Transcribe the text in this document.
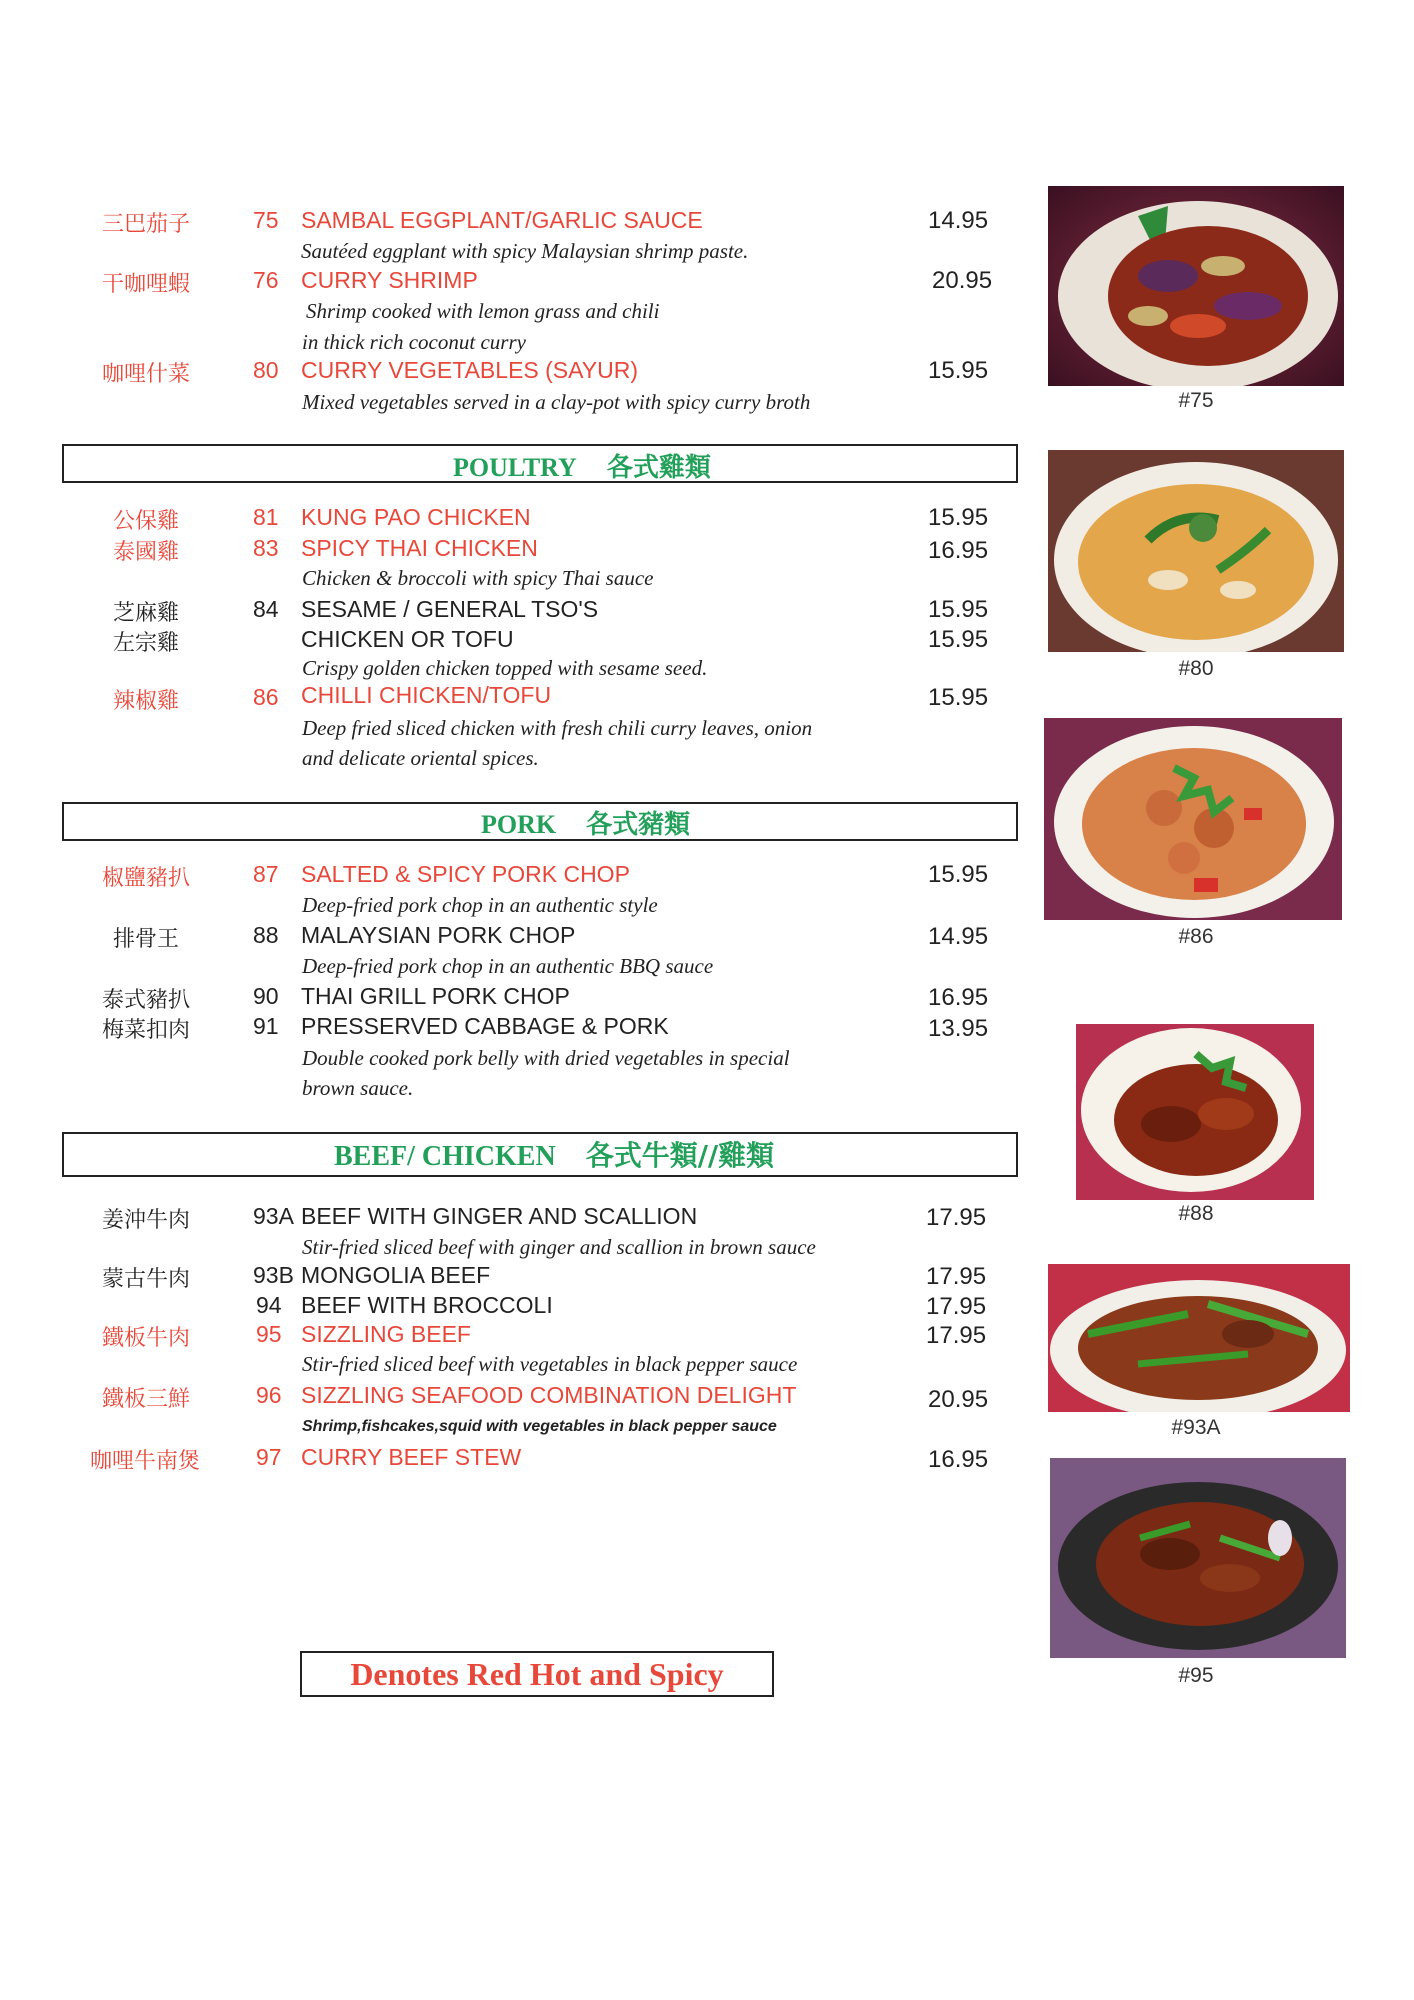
三巴茄子	75 SAMBAL EGGPLANT/GARLIC SAUCE	14.95
Sautéed eggplant with spicy Malaysian shrimp paste.
干咖哩蝦	76 CURRY SHRIMP	20.95
Shrimp cooked with lemon grass and chili
in thick rich coconut curry
咖哩什菜	80 CURRY VEGETABLES (SAYUR)	15.95
Mixed vegetables served in a clay-pot with spicy curry broth
POULTRY 各式雞類
公保雞	81 KUNG PAO CHICKEN	15.95
泰國雞	83 SPICY THAI CHICKEN	16.95
Chicken & broccoli with spicy Thai sauce
芝麻雞	84 SESAME / GENERAL TSO'S	15.95
左宗雞	CHICKEN OR TOFU	15.95
Crispy golden chicken topped with sesame seed.
辣椒雞	86 CHILLI CHICKEN/TOFU	15.95
Deep fried sliced chicken with fresh chili curry leaves, onion
and delicate oriental spices.
PORK 各式豬類
椒鹽豬扒	87 SALTED & SPICY PORK CHOP	15.95
Deep-fried pork chop in an authentic style
排骨王	88 MALAYSIAN PORK CHOP	14.95
Deep-fried pork chop in an authentic BBQ sauce
泰式豬扒	90 THAI GRILL PORK CHOP	16.95
梅菜扣肉	91 PRESSERVED CABBAGE & PORK	13.95
Double cooked pork belly with dried vegetables in special
brown sauce.
BEEF/ CHICKEN 各式牛類//雞類
姜沖牛肉	93A BEEF WITH GINGER AND SCALLION	17.95
Stir-fried sliced beef with ginger and scallion in brown sauce
蒙古牛肉	93B MONGOLIA BEEF	17.95
94 BEEF WITH BROCCOLI	17.95
鐵板牛肉	95 SIZZLING BEEF	17.95
Stir-fried sliced beef with vegetables in black pepper sauce
鐵板三鮮	96 SIZZLING SEAFOOD COMBINATION DELIGHT	20.95
Shrimp,fishcakes,squid with vegetables in black pepper sauce
咖哩牛南煲 97 CURRY BEEF STEW	16.95
Denotes Red Hot and Spicy
#75
#80
#86
#88
#93A
#95
